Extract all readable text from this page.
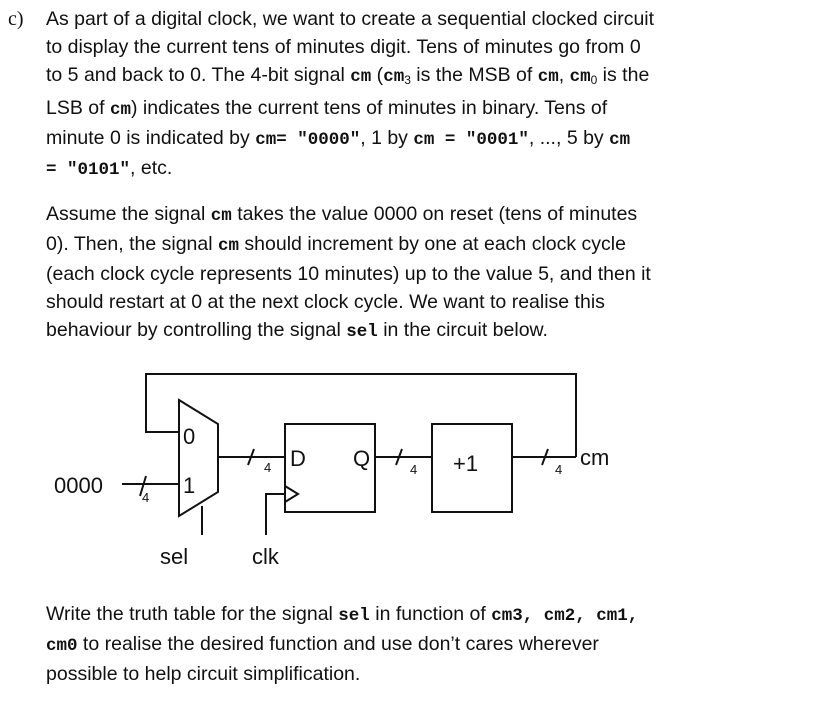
c) As part of a digital clock, we want to create a sequential clocked circuit
to display the current tens of minutes digit. Tens of minutes go from 0
to 5 and back to 0. The 4-bit signal cm ($cm_3$ is the MSB of cm, $cm_0$ is the
LSB of cm) indicates the current tens of minutes in binary. Tens of
minute 0 is indicated by cm= "0000", 1 by cm = "0001", ..., 5 by cm
= "0101", etc.
Assume the signal cm takes the value 0000 on reset (tens of minutes
0). Then, the signal cm should increment by one at each clock cycle
(each clock cycle represents 10 minutes) up to the value 5, and then it
should restart at 0 at the next clock cycle. We want to realise this
behaviour by controlling the signal sel in the circuit below.
0
1
0000
D Q	+1	cm
sel	clk
4
4	4	4
Write the truth table for the signal sel in function of cm3, cm2, cm1,
cm0 to realise the desired function and use don’t cares wherever
possible to help circuit simplification.
